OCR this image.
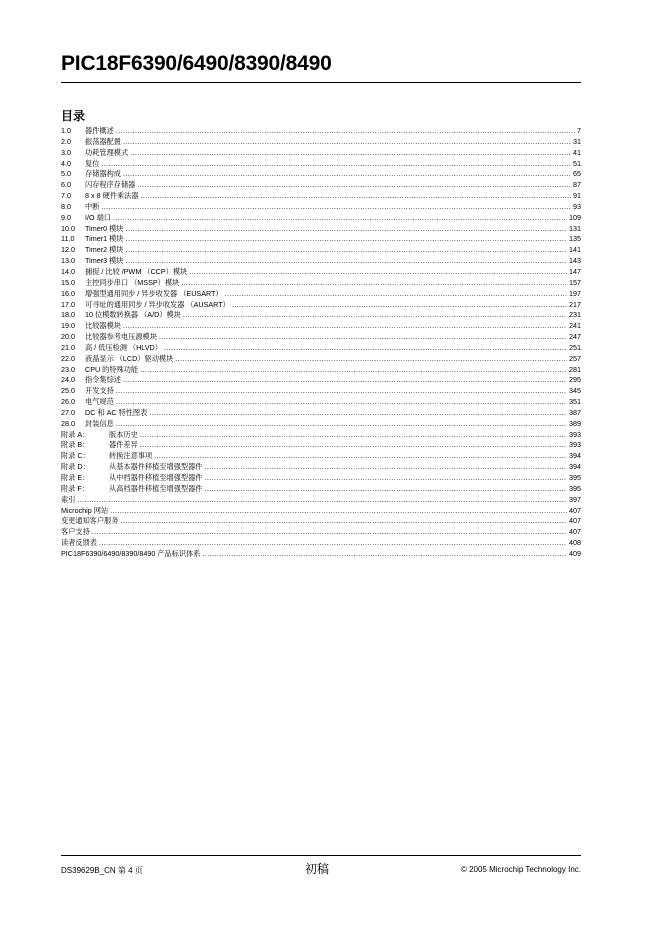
PIC18F6390/6490/8390/8490
目录
1.0	器件概述 .....	7
2.0	振荡器配置 .....	31
3.0	功耗管理模式 .....	41
4.0	复位 .....	51
5.0	存储器构成 .....	65
6.0	闪存程序存储器 .....	87
7.0	8 x 8 硬件乘法器 .....	91
8.0	中断 .....	93
9.0	I/O 端口 .....	109
10.0	Timer0 模块 .....	131
11.0	Timer1 模块 .....	135
12.0	Timer2 模块 .....	141
13.0	Timer3 模块 .....	143
14.0	捕捉 / 比较 /PWM （CCP）模块 .....	147
15.0	主控同步串口 （MSSP）模块 .....	157
16.0	增强型通用同步 / 异步收发器 （EUSART） .....	197
17.0	可寻址的通用同步 / 异步收发器 （AUSART） .....	217
18.0	10 位模数转换器 （A/D）模块 .....	231
19.0	比较器模块 .....	241
20.0	比较器参考电压源模块 .....	247
21.0	高 / 低压检测 （HLVD） .....	251
22.0	液晶显示 （LCD）驱动模块 .....	257
23.0	CPU 的特殊功能 .....	281
24.0	指令集综述 .....	295
25.0	开发支持 .....	345
26.0	电气规范 .....	351
27.0	DC 和 AC 特性图表 .....	387
28.0	封装信息 .....	389
附录 A：	版本历史 .....	393
附录 B：	器件差异 .....	393
附录 C：	转换注意事项 .....	394
附录 D：	从基本器件移植至增强型器件 .....	394
附录 E：	从中档器件移植至增强型器件 .....	395
附录 F：	从高档器件移植至增强型器件 .....	395
索引 .....	397
Microchip 网站 .....	407
变更通知客户服务 .....	407
客户支持 .....	407
读者反馈表 .....	408
PIC18F6390/6490/8390/8490 产品标识体系 .....	409
DS39629B_CN 第 4 页	初稿	© 2005 Microchip Technology Inc.
